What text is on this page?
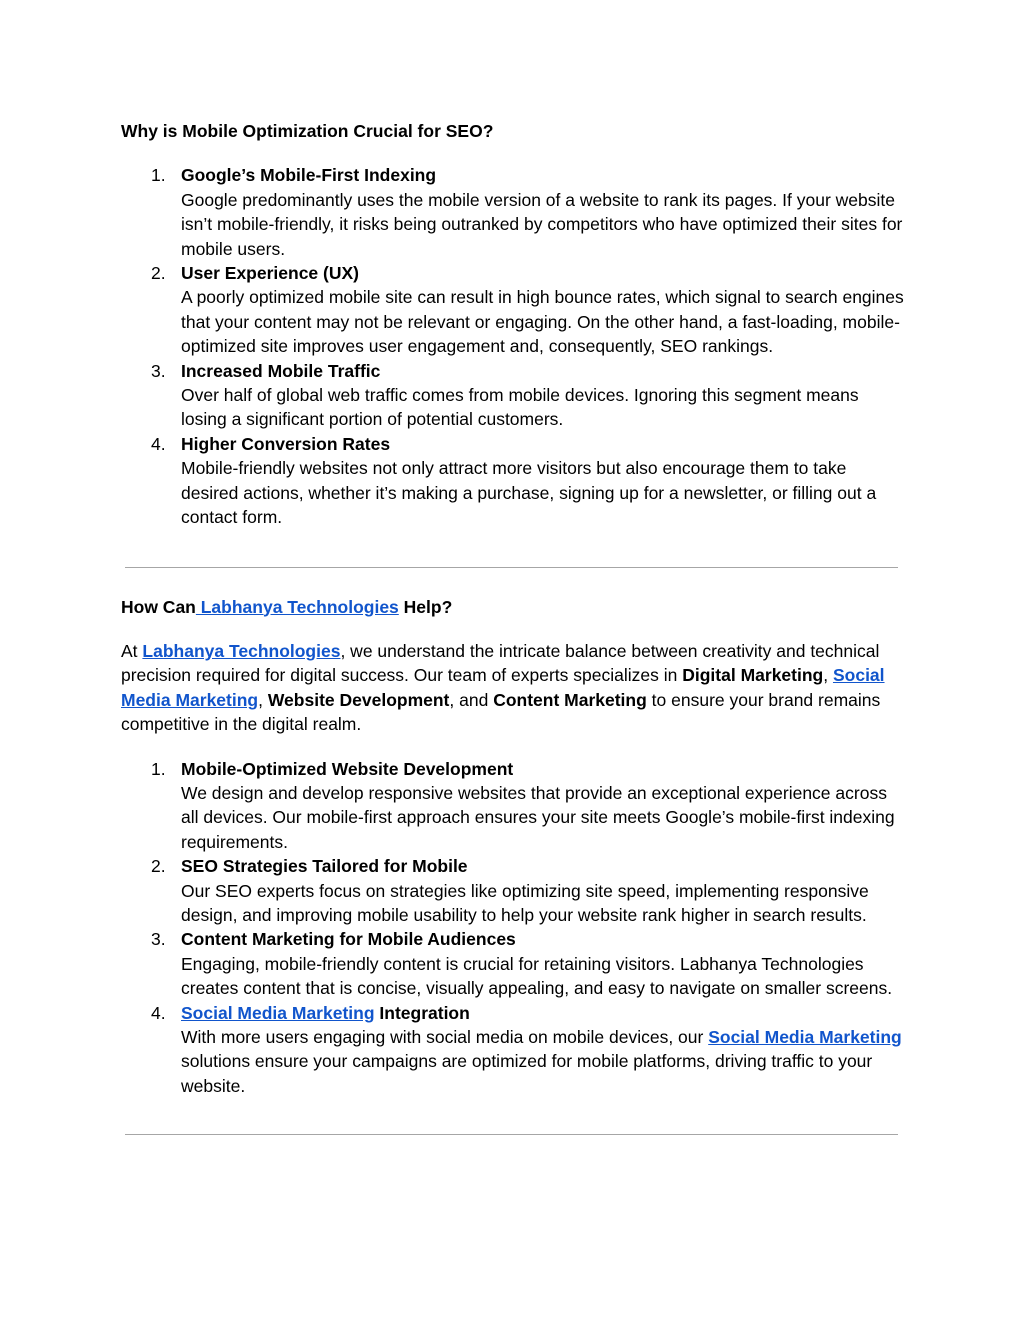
Why is Mobile Optimization Crucial for SEO?

1. Google’s Mobile-First Indexing
Google predominantly uses the mobile version of a website to rank its pages. If your website isn’t mobile-friendly, it risks being outranked by competitors who have optimized their sites for mobile users.
2. User Experience (UX)
A poorly optimized mobile site can result in high bounce rates, which signal to search engines that your content may not be relevant or engaging. On the other hand, a fast-loading, mobile-optimized site improves user engagement and, consequently, SEO rankings.
3. Increased Mobile Traffic
Over half of global web traffic comes from mobile devices. Ignoring this segment means losing a significant portion of potential customers.
4. Higher Conversion Rates
Mobile-friendly websites not only attract more visitors but also encourage them to take desired actions, whether it’s making a purchase, signing up for a newsletter, or filling out a contact form.

How Can Labhanya Technologies Help?

At Labhanya Technologies, we understand the intricate balance between creativity and technical precision required for digital success. Our team of experts specializes in Digital Marketing, Social Media Marketing, Website Development, and Content Marketing to ensure your brand remains competitive in the digital realm.

1. Mobile-Optimized Website Development
We design and develop responsive websites that provide an exceptional experience across all devices. Our mobile-first approach ensures your site meets Google’s mobile-first indexing requirements.
2. SEO Strategies Tailored for Mobile
Our SEO experts focus on strategies like optimizing site speed, implementing responsive design, and improving mobile usability to help your website rank higher in search results.
3. Content Marketing for Mobile Audiences
Engaging, mobile-friendly content is crucial for retaining visitors. Labhanya Technologies creates content that is concise, visually appealing, and easy to navigate on smaller screens.
4. Social Media Marketing Integration
With more users engaging with social media on mobile devices, our Social Media Marketing solutions ensure your campaigns are optimized for mobile platforms, driving traffic to your website.
